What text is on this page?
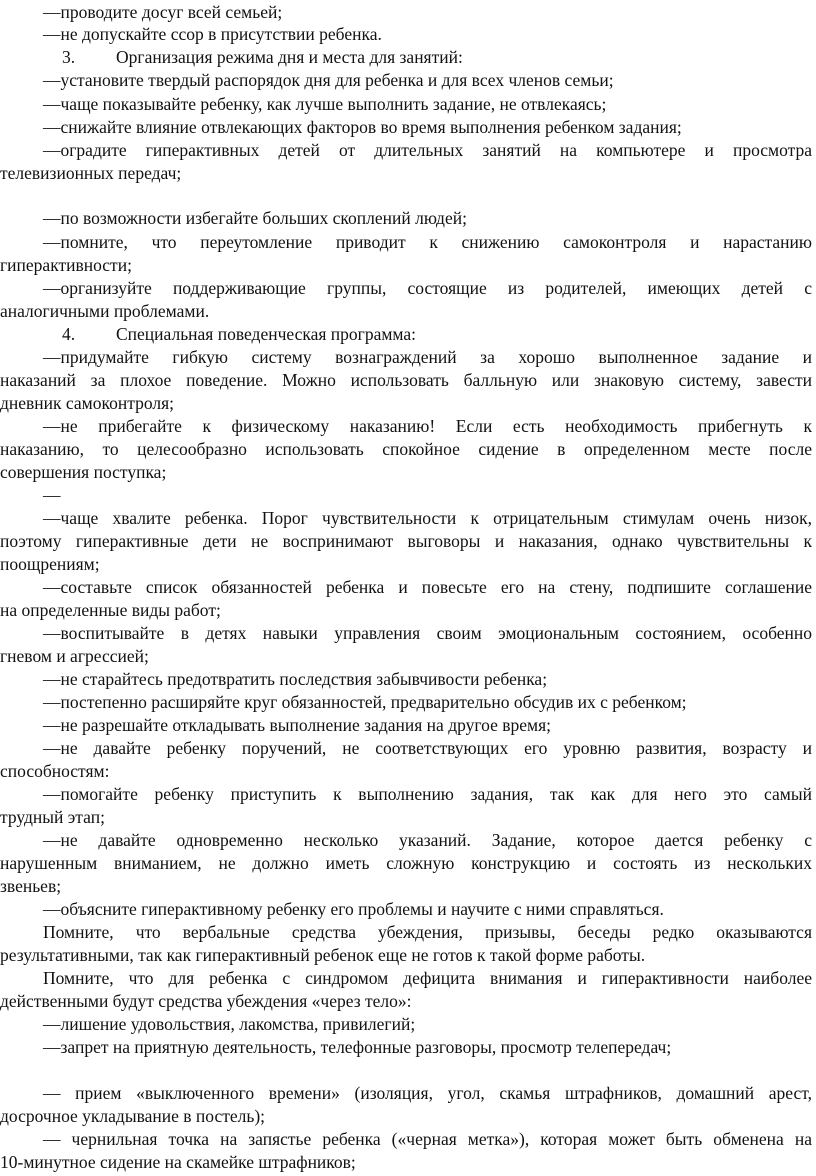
—проводите досуг всей семьей;
—не допускайте ссор в присутствии ребенка.
3.	Организация режима дня и места для занятий:
—установите твердый распорядок дня для ребенка и для всех членов семьи;
—чаще показывайте ребенку, как лучше выполнить задание, не отвлекаясь;
—снижайте влияние отвлекающих факторов во время выполнения ребенком задания;
—оградите гиперактивных детей от длительных занятий на компьютере и просмотра
телевизионных передач;
—по возможности избегайте больших скоплений людей;
—помните, что переутомление приводит к снижению самоконтроля и нарастанию
гиперактивности;
—организуйте поддерживающие группы, состоящие из родителей, имеющих детей с
аналогичными проблемами.
4.	Специальная поведенческая программа:
—придумайте гибкую систему вознаграждений за хорошо выполненное задание и
наказаний за плохое поведение. Можно использовать балльную или знаковую систему, завести
дневник самоконтроля;
—не прибегайте к физическому наказанию! Если есть необходимость прибегнуть к
наказанию, то целесообразно использовать спокойное сидение в определенном месте после
совершения поступка;
—
—чаще хвалите ребенка. Порог чувствительности к отрицательным стимулам очень низок,
поэтому гиперактивные дети не воспринимают выговоры и наказания, однако чувствительны к
поощрениям;
—составьте список обязанностей ребенка и повесьте его на стену, подпишите соглашение
на определенные виды работ;
—воспитывайте в детях навыки управления своим эмоциональным состоянием, особенно
гневом и агрессией;
—не старайтесь предотвратить последствия забывчивости ребенка;
—постепенно расширяйте круг обязанностей, предварительно обсудив их с ребенком;
—не разрешайте откладывать выполнение задания на другое время;
—не давайте ребенку поручений, не соответствующих его уровню развития, возрасту и
способностям:
—помогайте ребенку приступить к выполнению задания, так как для него это самый
трудный этап;
—не давайте одновременно несколько указаний. Задание, которое дается ребенку с
нарушенным вниманием, не должно иметь сложную конструкцию и состоять из нескольких
звеньев;
—объясните гиперактивному ребенку его проблемы и научите с ними справляться.
Помните, что вербальные средства убеждения, призывы, беседы редко оказываются
результативными, так как гиперактивный ребенок еще не готов к такой форме работы.
Помните, что для ребенка с синдромом дефицита внимания и гиперактивности наиболее
действенными будут средства убеждения «через тело»:
—лишение удовольствия, лакомства, привилегий;
—запрет на приятную деятельность, телефонные разговоры, просмотр телепередач;
— прием «выключенного времени» (изоляция, угол, скамья штрафников, домашний арест,
досрочное укладывание в постель);
— чернильная точка на запястье ребенка («черная метка»), которая может быть обменена на
10-минутное сидение на скамейке штрафников;
